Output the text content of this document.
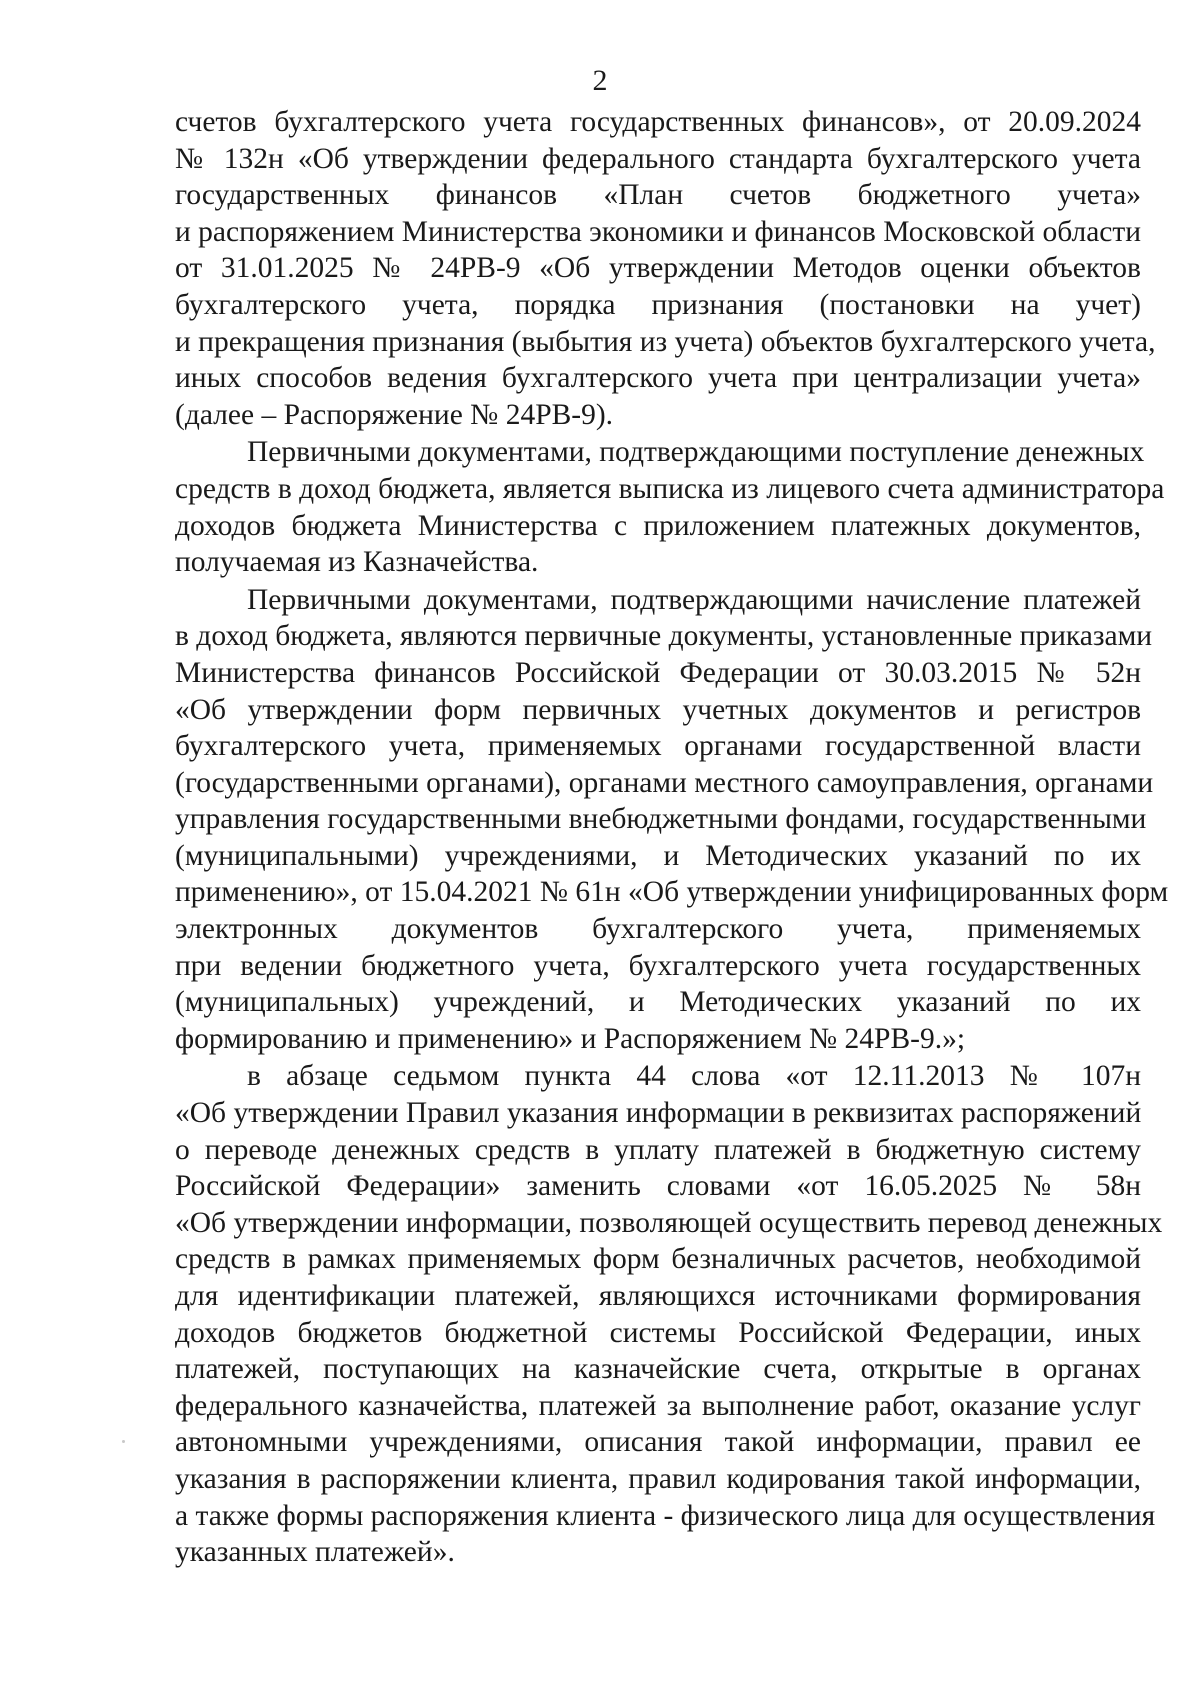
2
счетов бухгалтерского учета государственных финансов», от 20.09.2024
№ 132н «Об утверждении федерального стандарта бухгалтерского учета
государственных финансов «План счетов бюджетного учета»
и распоряжением Министерства экономики и финансов Московской области
от 31.01.2025 № 24РВ-9 «Об утверждении Методов оценки объектов
бухгалтерского учета, порядка признания (постановки на учет)
и прекращения признания (выбытия из учета) объектов бухгалтерского учета,
иных способов ведения бухгалтерского учета при централизации учета»
(далее – Распоряжение № 24РВ-9).
Первичными документами, подтверждающими поступление денежных
средств в доход бюджета, является выписка из лицевого счета администратора
доходов бюджета Министерства с приложением платежных документов,
получаемая из Казначейства.
Первичными документами, подтверждающими начисление платежей
в доход бюджета, являются первичные документы, установленные приказами
Министерства финансов Российской Федерации от 30.03.2015 № 52н
«Об утверждении форм первичных учетных документов и регистров
бухгалтерского учета, применяемых органами государственной власти
(государственными органами), органами местного самоуправления, органами
управления государственными внебюджетными фондами, государственными
(муниципальными) учреждениями, и Методических указаний по их
применению», от 15.04.2021 № 61н «Об утверждении унифицированных форм
электронных документов бухгалтерского учета, применяемых
при ведении бюджетного учета, бухгалтерского учета государственных
(муниципальных) учреждений, и Методических указаний по их
формированию и применению» и Распоряжением № 24РВ-9.»;
в абзаце седьмом пункта 44 слова «от 12.11.2013 № 107н
«Об утверждении Правил указания информации в реквизитах распоряжений
о переводе денежных средств в уплату платежей в бюджетную систему
Российской Федерации» заменить словами «от 16.05.2025 № 58н
«Об утверждении информации, позволяющей осуществить перевод денежных
средств в рамках применяемых форм безналичных расчетов, необходимой
для идентификации платежей, являющихся источниками формирования
доходов бюджетов бюджетной системы Российской Федерации, иных
платежей, поступающих на казначейские счета, открытые в органах
федерального казначейства, платежей за выполнение работ, оказание услуг
автономными учреждениями, описания такой информации, правил ее
указания в распоряжении клиента, правил кодирования такой информации,
а также формы распоряжения клиента - физического лица для осуществления
указанных платежей».
